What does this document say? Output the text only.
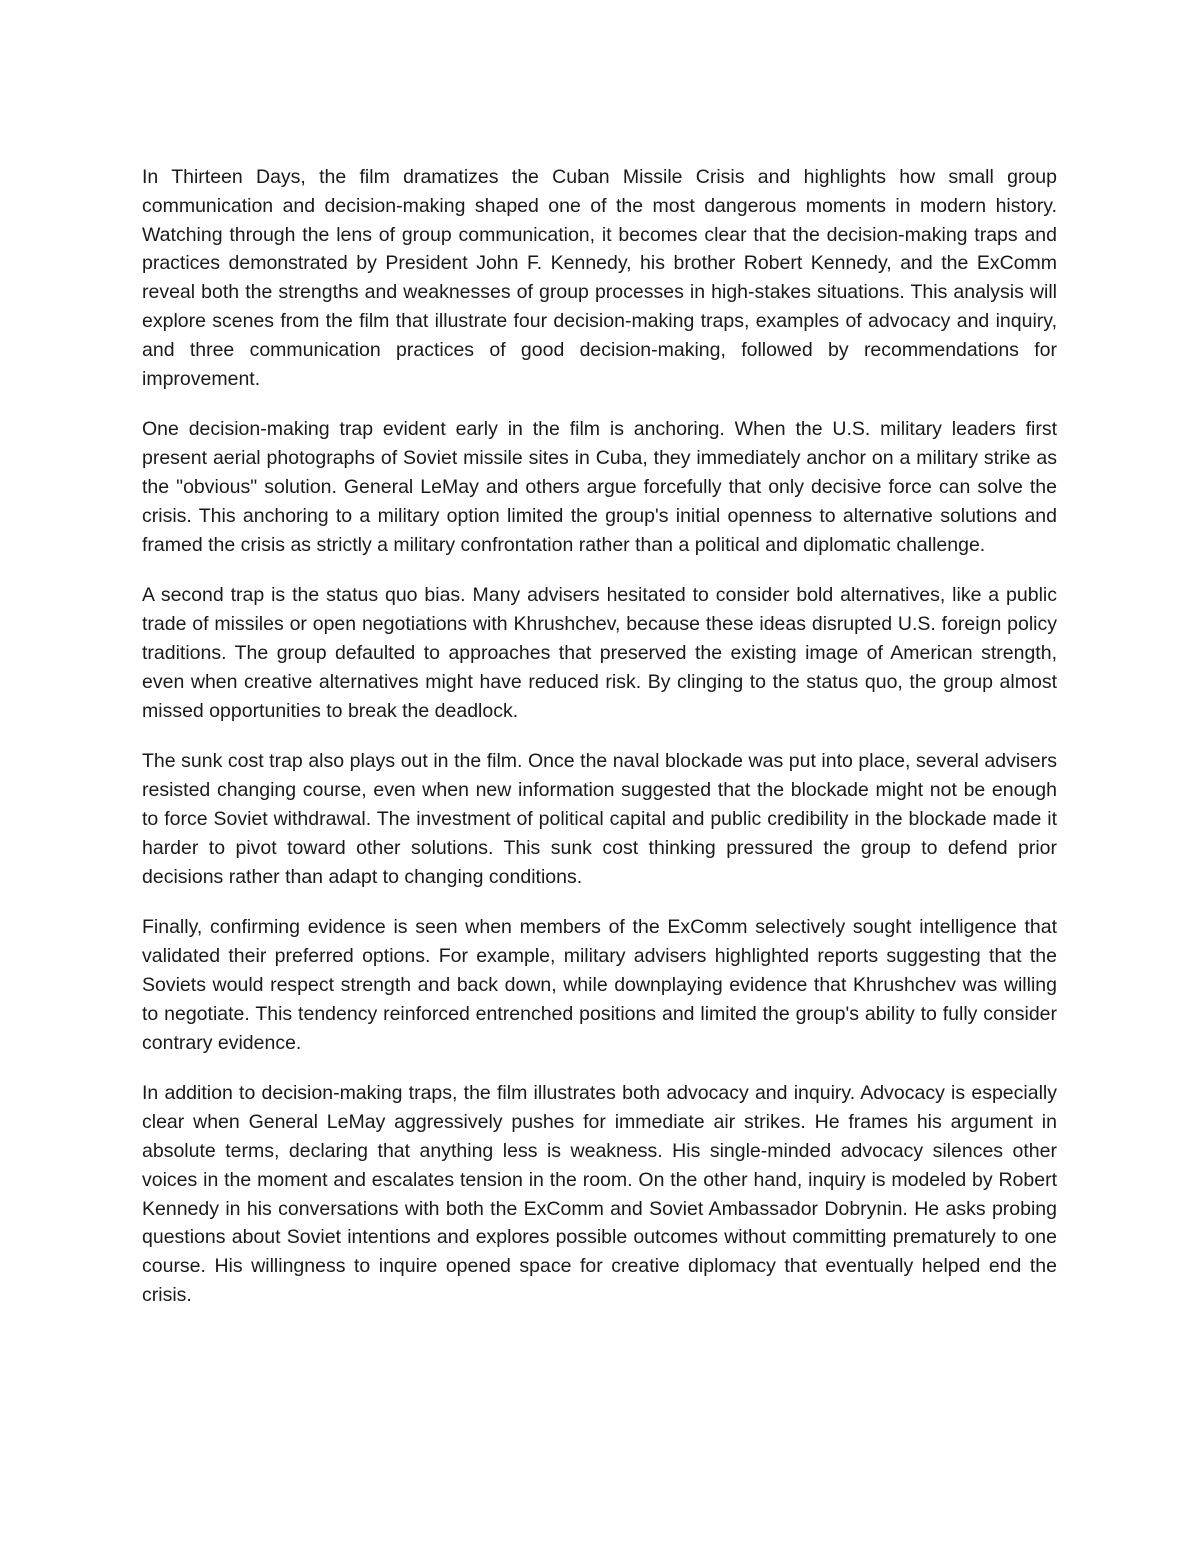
In Thirteen Days, the film dramatizes the Cuban Missile Crisis and highlights how small group communication and decision-making shaped one of the most dangerous moments in modern history. Watching through the lens of group communication, it becomes clear that the decision-making traps and practices demonstrated by President John F. Kennedy, his brother Robert Kennedy, and the ExComm reveal both the strengths and weaknesses of group processes in high-stakes situations. This analysis will explore scenes from the film that illustrate four decision-making traps, examples of advocacy and inquiry, and three communication practices of good decision-making, followed by recommendations for improvement.

One decision-making trap evident early in the film is anchoring. When the U.S. military leaders first present aerial photographs of Soviet missile sites in Cuba, they immediately anchor on a military strike as the "obvious" solution. General LeMay and others argue forcefully that only decisive force can solve the crisis. This anchoring to a military option limited the group's initial openness to alternative solutions and framed the crisis as strictly a military confrontation rather than a political and diplomatic challenge.

A second trap is the status quo bias. Many advisers hesitated to consider bold alternatives, like a public trade of missiles or open negotiations with Khrushchev, because these ideas disrupted U.S. foreign policy traditions. The group defaulted to approaches that preserved the existing image of American strength, even when creative alternatives might have reduced risk. By clinging to the status quo, the group almost missed opportunities to break the deadlock.

The sunk cost trap also plays out in the film. Once the naval blockade was put into place, several advisers resisted changing course, even when new information suggested that the blockade might not be enough to force Soviet withdrawal. The investment of political capital and public credibility in the blockade made it harder to pivot toward other solutions. This sunk cost thinking pressured the group to defend prior decisions rather than adapt to changing conditions.

Finally, confirming evidence is seen when members of the ExComm selectively sought intelligence that validated their preferred options. For example, military advisers highlighted reports suggesting that the Soviets would respect strength and back down, while downplaying evidence that Khrushchev was willing to negotiate. This tendency reinforced entrenched positions and limited the group's ability to fully consider contrary evidence.

In addition to decision-making traps, the film illustrates both advocacy and inquiry. Advocacy is especially clear when General LeMay aggressively pushes for immediate air strikes. He frames his argument in absolute terms, declaring that anything less is weakness. His single-minded advocacy silences other voices in the moment and escalates tension in the room. On the other hand, inquiry is modeled by Robert Kennedy in his conversations with both the ExComm and Soviet Ambassador Dobrynin. He asks probing questions about Soviet intentions and explores possible outcomes without committing prematurely to one course. His willingness to inquire opened space for creative diplomacy that eventually helped end the crisis.
